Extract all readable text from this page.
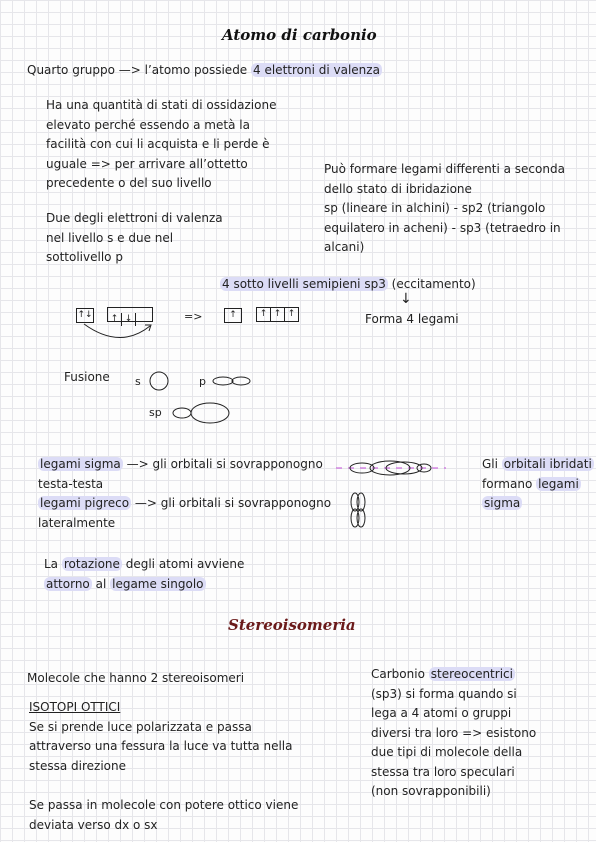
Atomo di carbonio
Quarto gruppo —> l’atomo possiede 4 elettroni di valenza
Ha una quantità di stati di ossidazione
elevato perché essendo a metà la
facilità con cui li acquista e li perde è
uguale => per arrivare all’ottetto
precedente o del suo livello
Due degli elettroni di valenza
nel livello s e due nel
sottolivello p
Può formare legami differenti a seconda
dello stato di ibridazione
sp (lineare in alchini) - sp2 (triangolo
equilatero in acheni) - sp3 (tetraedro in
alcani)
4 sotto livelli semipieni sp3 (eccitamento)
↓
Forma 4 legami
↑↓	↑ ↓	=>	↑	↑ ↑ ↑
Fusione s	p
sp
legami sigma —> gli orbitali si sovrapponogno
testa-testa
legami pigreco —> gli orbitali si sovrapponogno
lateralmente
Gli orbitali ibridati
formano legami
sigma
La rotazione degli atomi avviene
attorno al legame singolo
Stereoisomeria
Molecole che hanno 2 stereoisomeri
ISOTOPI OTTICI
Se si prende luce polarizzata e passa
attraverso una fessura la luce va tutta nella
stessa direzione
Se passa in molecole con potere ottico viene
deviata verso dx o sx
Carbonio stereocentrici
(sp3) si forma quando si
lega a 4 atomi o gruppi
diversi tra loro => esistono
due tipi di molecole della
stessa tra loro speculari
(non sovrapponibili)
